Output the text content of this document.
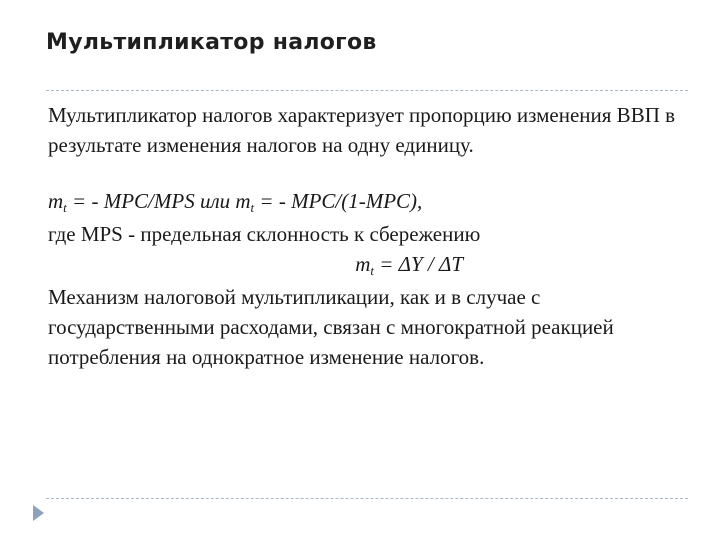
Мультипликатор налогов

Мультипликатор налогов характеризует пропорцию изменения ВВП в результате изменения налогов на одну единицу.

mt = - MPC/MPS или mt = - MPC/(1-MPC),

где MPS - предельная склонность к сбережению

mt = ΔY / ΔT

Механизм налоговой мультипликации, как и в случае с государственными расходами, связан с многократной реакцией потребления на однократное изменение налогов.
